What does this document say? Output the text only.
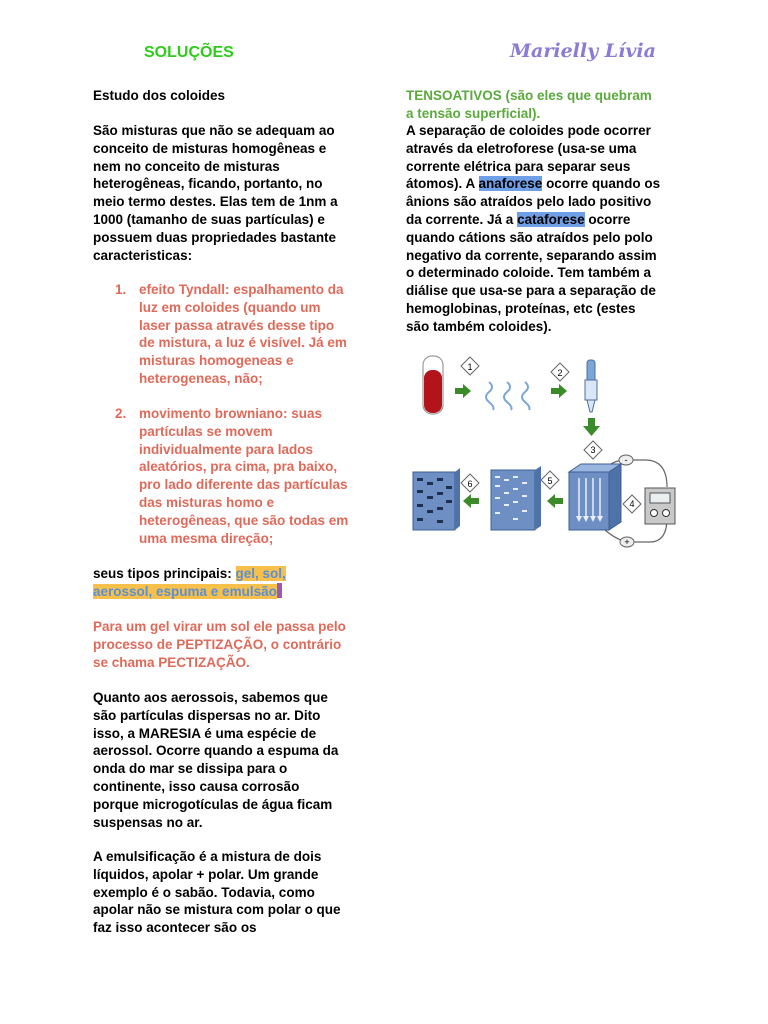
SOLUÇÕES	Marielly Lívia

Estudo dos coloides

São misturas que não se adequam ao
conceito de misturas homogêneas e
nem no conceito de misturas
heterogêneas, ficando, portanto, no
meio termo destes. Elas tem de 1nm a
1000 (tamanho de suas partículas) e
possuem duas propriedades bastante
caracteristicas:
1. efeito Tyndall: espalhamento da
luz em coloides (quando um
laser passa através desse tipo
de mistura, a luz é visível. Já em
misturas homogeneas e
heterogeneas, não;
2. movimento browniano: suas
partículas se movem
individualmente para lados
aleatórios, pra cima, pra baixo,
pro lado diferente das partículas
das misturas homo e
heterogêneas, que são todas em
uma mesma direção;
seus tipos principais: gel, sol,
aerossol, espuma e emulsão
Para um gel virar um sol ele passa pelo
processo de PEPTIZAÇÃO, o contrário
se chama PECTIZAÇÃO.
Quanto aos aerossois, sabemos que
são partículas dispersas no ar. Dito
isso, a MARESIA é uma espécie de
aerossol. Ocorre quando a espuma da
onda do mar se dissipa para o
continente, isso causa corrosão
porque microgotículas de água ficam
suspensas no ar.
A emulsificação é a mistura de dois
líquidos, apolar + polar. Um grande
exemplo é o sabão. Todavia, como
apolar não se mistura com polar o que
faz isso acontecer são os
TENSOATIVOS (são eles que quebram
a tensão superficial).
A separação de coloides pode ocorrer
através da eletroforese (usa-se uma
corrente elétrica para separar seus
átomos). A anaforese ocorre quando os
ânions são atraídos pelo lado positivo
da corrente. Já a cataforese ocorre
quando cátions são atraídos pelo polo
negativo da corrente, separando assim
o determinado coloide. Tem também a
diálise que usa-se para a separação de
hemoglobinas, proteínas, etc (estes
são também coloides).
1
2
3
-
+
4
5
6
